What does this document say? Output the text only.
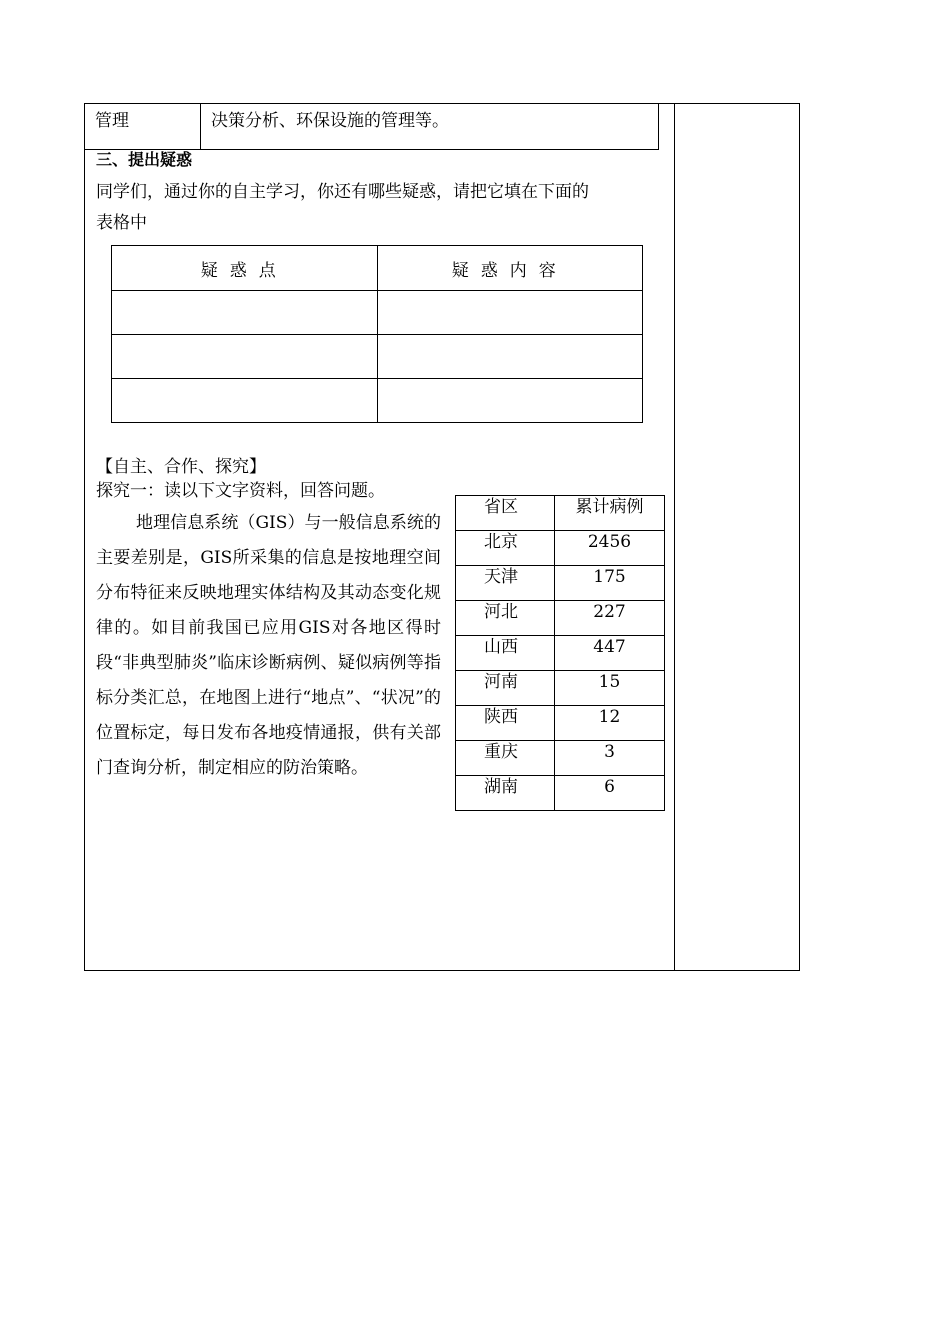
管理	决策分析、环保设施的管理等。
三、提出疑惑
同学们，通过你的自主学习，你还有哪些疑惑，请把它填在下面的
表格中
疑惑点	疑惑内容

【自主、合作、探究】
探究一：读以下文字资料，回答问题。
地理信息系统（GIS）与一般信息系统的主要差别是，GIS所采集的信息是按地理空间分布特征来反映地理实体结构及其动态变化规律的。如目前我国已应用GIS对各地区得时段“非典型肺炎”临床诊断病例、疑似病例等指标分类汇总，在地图上进行“地点”、“状况”的位置标定，每日发布各地疫情通报，供有关部门查询分析，制定相应的防治策略。
省区	累计病例
北京	2456
天津	175
河北	227
山西	447
河南	15
陕西	12
重庆	3
湖南	6
